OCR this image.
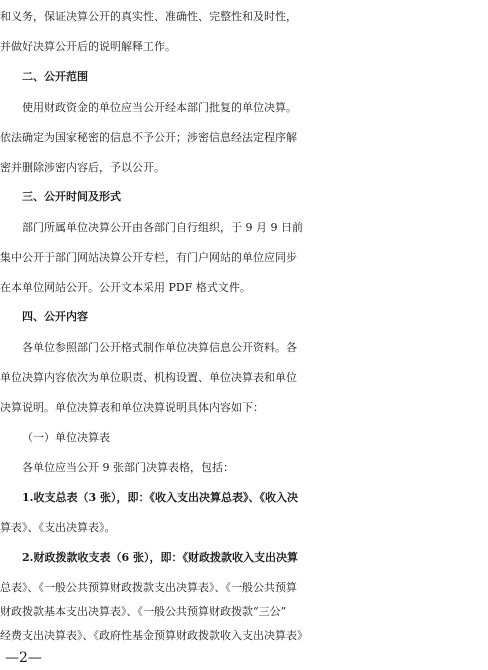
和义务，保证决算公开的真实性、准确性、完整性和及时性，
并做好决算公开后的说明解释工作。
二、公开范围
使用财政资金的单位应当公开经本部门批复的单位决算。
依法确定为国家秘密的信息不予公开；涉密信息经法定程序解
密并删除涉密内容后，予以公开。
三、公开时间及形式
部门所属单位决算公开由各部门自行组织，于 9 月 9 日前
集中公开于部门网站决算公开专栏，有门户网站的单位应同步
在本单位网站公开。公开文本采用 PDF 格式文件。
四、公开内容
各单位参照部门公开格式制作单位决算信息公开资料。各
单位决算内容依次为单位职责、机构设置、单位决算表和单位
决算说明。单位决算表和单位决算说明具体内容如下：
（一）单位决算表
各单位应当公开 9 张部门决算表格，包括：
1.收支总表（3 张），即：《收入支出决算总表》、《收入决
算表》、《支出决算表》。
2.财政拨款收支表（6 张），即：《财政拨款收入支出决算
总表》、《一般公共预算财政拨款支出决算表》、《一般公共预算
财政拨款基本支出决算表》、《一般公共预算财政拨款“三公”
经费支出决算表》、《政府性基金预算财政拨款收入支出决算表》
—2—
